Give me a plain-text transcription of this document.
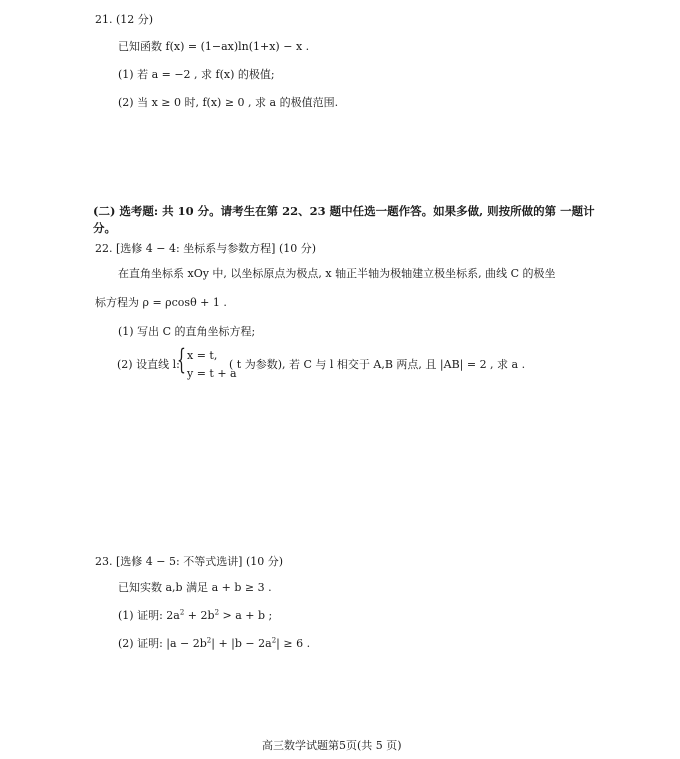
21. (12 分)
已知函数 f(x) = (1−ax)ln(1+x) − x .
(1) 若 a = −2 , 求 f(x) 的极值;
(2) 当 x ≥ 0 时, f(x) ≥ 0 , 求 a 的极值范围.
(二) 选考题: 共 10 分。请考生在第 22、23 题中任选一题作答。如果多做, 则按所做的第 一题计
分。
22. [选修 4 − 4: 坐标系与参数方程] (10 分)
在直角坐标系 xOy 中, 以坐标原点为极点, x 轴正半轴为极轴建立极坐标系, 曲线 C 的极坐
标方程为 ρ = ρcosθ + 1 .
(1) 写出 C 的直角坐标方程;
(2) 设直线 l:
{ x = t,
y = t + a
( t 为参数), 若 C 与 l 相交于 A,B 两点, 且 |AB| = 2 , 求 a .
23. [选修 4 − 5: 不等式选讲] (10 分)
已知实数 a,b 满足 a + b ≥ 3 .
(1) 证明: $2a^2 + 2b^2 > a + b$ ;
(2) 证明: $|a - 2b^2| + |b - 2a^2| \ge 6$ .
高三数学试题第5页(共 5 页)
